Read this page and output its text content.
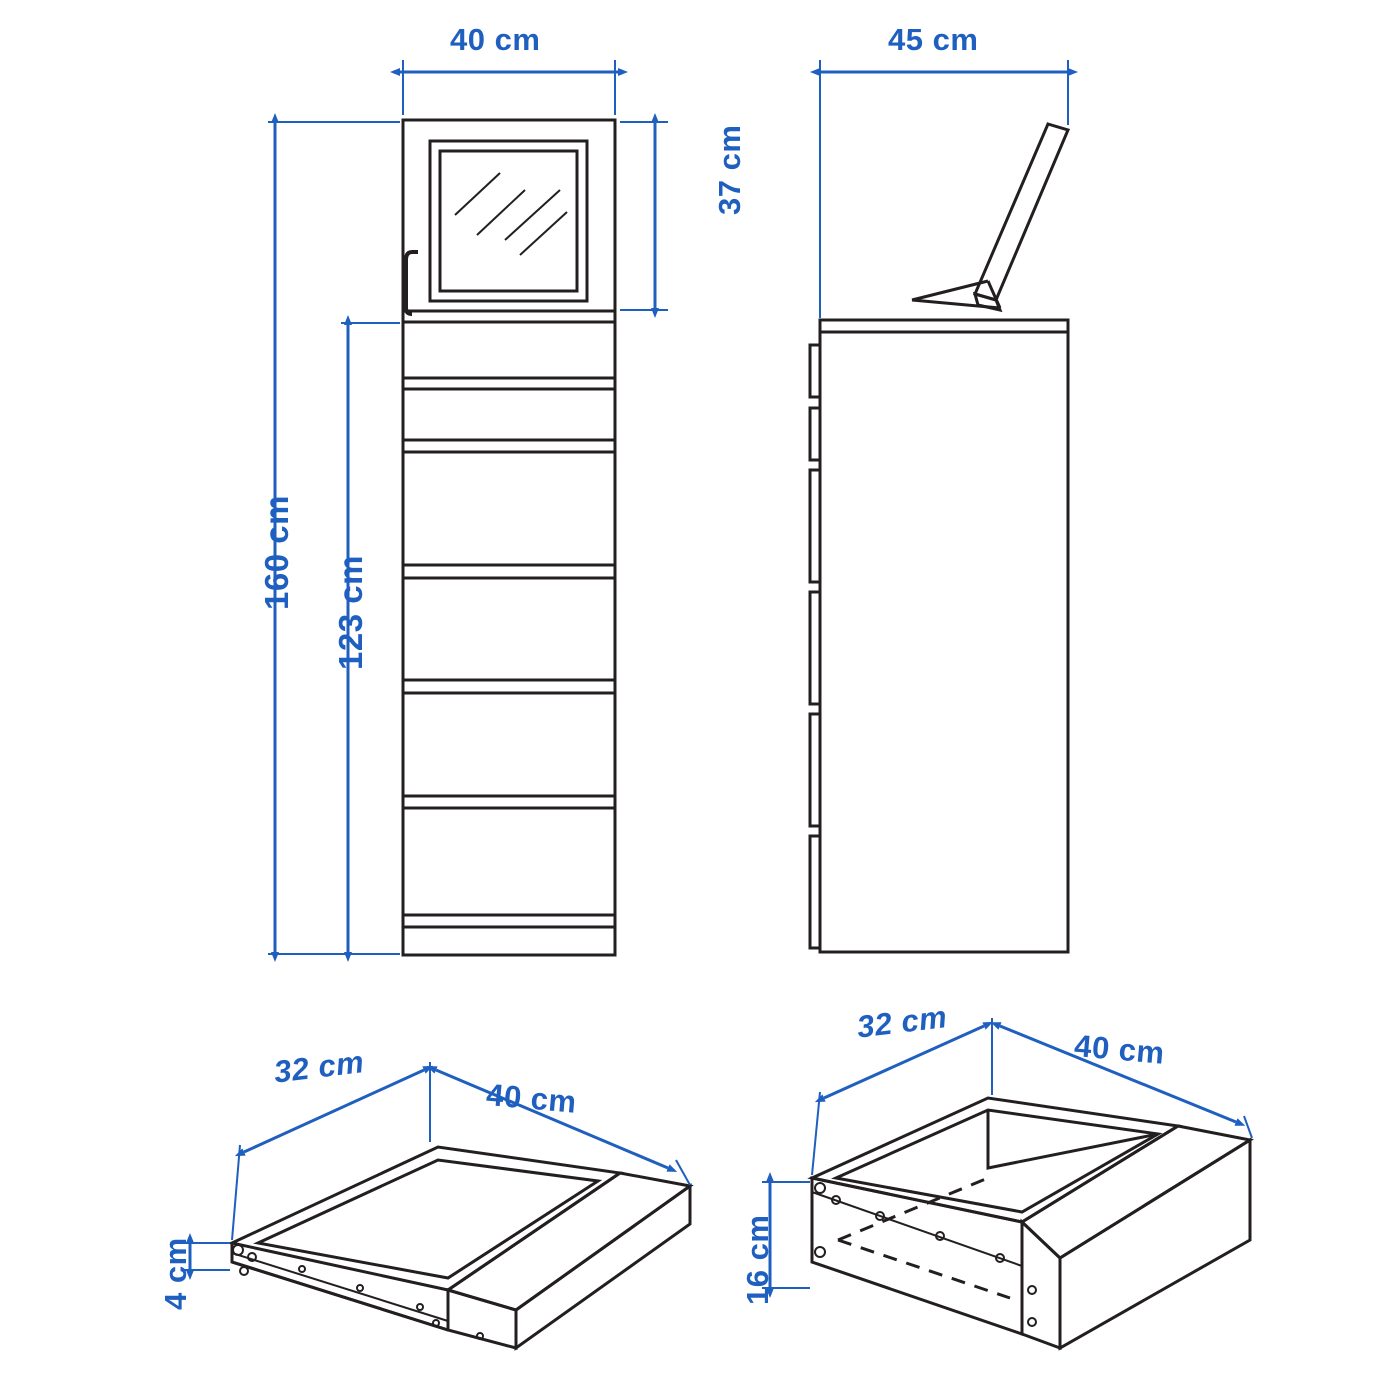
40 cm
37 cm
160 cm
123 cm
45 cm
32 cm
40 cm
4 cm
32 cm
40 cm
16 cm
